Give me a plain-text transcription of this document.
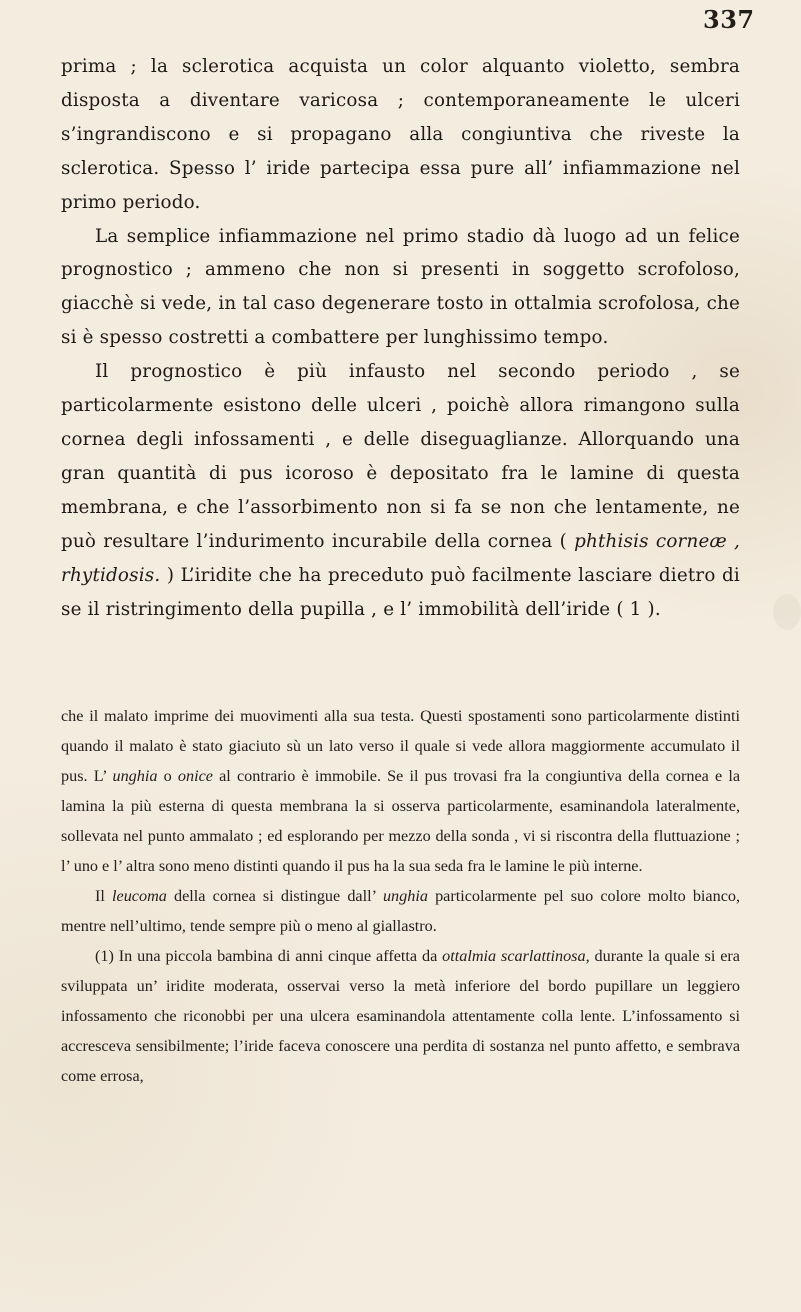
337

prima ; la sclerotica acquista un color alquanto violetto, sembra disposta a diventare varicosa ; contemporaneamente le ulceri s’ingrandiscono e si propagano alla congiuntiva che riveste la sclerotica. Spesso l’ iride partecipa essa pure all’ infiammazione nel primo periodo.

La semplice infiammazione nel primo stadio dà luogo ad un felice prognostico ; ammeno che non si presenti in soggetto scrofoloso, giacchè si vede, in tal caso degenerare tosto in ottalmia scrofolosa, che si è spesso costretti a combattere per lunghissimo tempo.

Il prognostico è più infausto nel secondo periodo , se particolarmente esistono delle ulceri , poichè allora rimangono sulla cornea degli infossamenti , e delle diseguaglianze. Allorquando una gran quantità di pus icoroso è depositato fra le lamine di questa membrana, e che l’assorbimento non si fa se non che lentamente, ne può resultare l’indurimento incurabile della cornea ( phthisis corneæ , rhytidosis. ) L’iridite che ha preceduto può facilmente lasciare dietro di se il ristringimento della pupilla , e l’ immobilità dell’iride ( 1 ).

che il malato imprime dei muovimenti alla sua testa. Questi spostamenti sono particolarmente distinti quando il malato è stato giaciuto sù un lato verso il quale si vede allora maggiormente accumulato il pus. L’ unghia o onice al contrario è immobile. Se il pus trovasi fra la congiuntiva della cornea e la lamina la più esterna di questa membrana la si osserva particolarmente, esaminandola lateralmente, sollevata nel punto ammalato ; ed esplorando per mezzo della sonda , vi si riscontra della fluttuazione ; l’ uno e l’ altra sono meno distinti quando il pus ha la sua seda fra le lamine le più interne.

Il leucoma della cornea si distingue dall’ unghia particolarmente pel suo colore molto bianco, mentre nell’ultimo, tende sempre più o meno al giallastro.

(1) In una piccola bambina di anni cinque affetta da ottalmia scarlattinosa, durante la quale si era sviluppata un’ iridite moderata, osservai verso la metà inferiore del bordo pupillare un leggiero infossamento che riconobbi per una ulcera esaminandola attentamente colla lente. L’infossamento si accresceva sensibilmente; l’iride faceva conoscere una perdita di sostanza nel punto affetto, e sembrava come errosa,
